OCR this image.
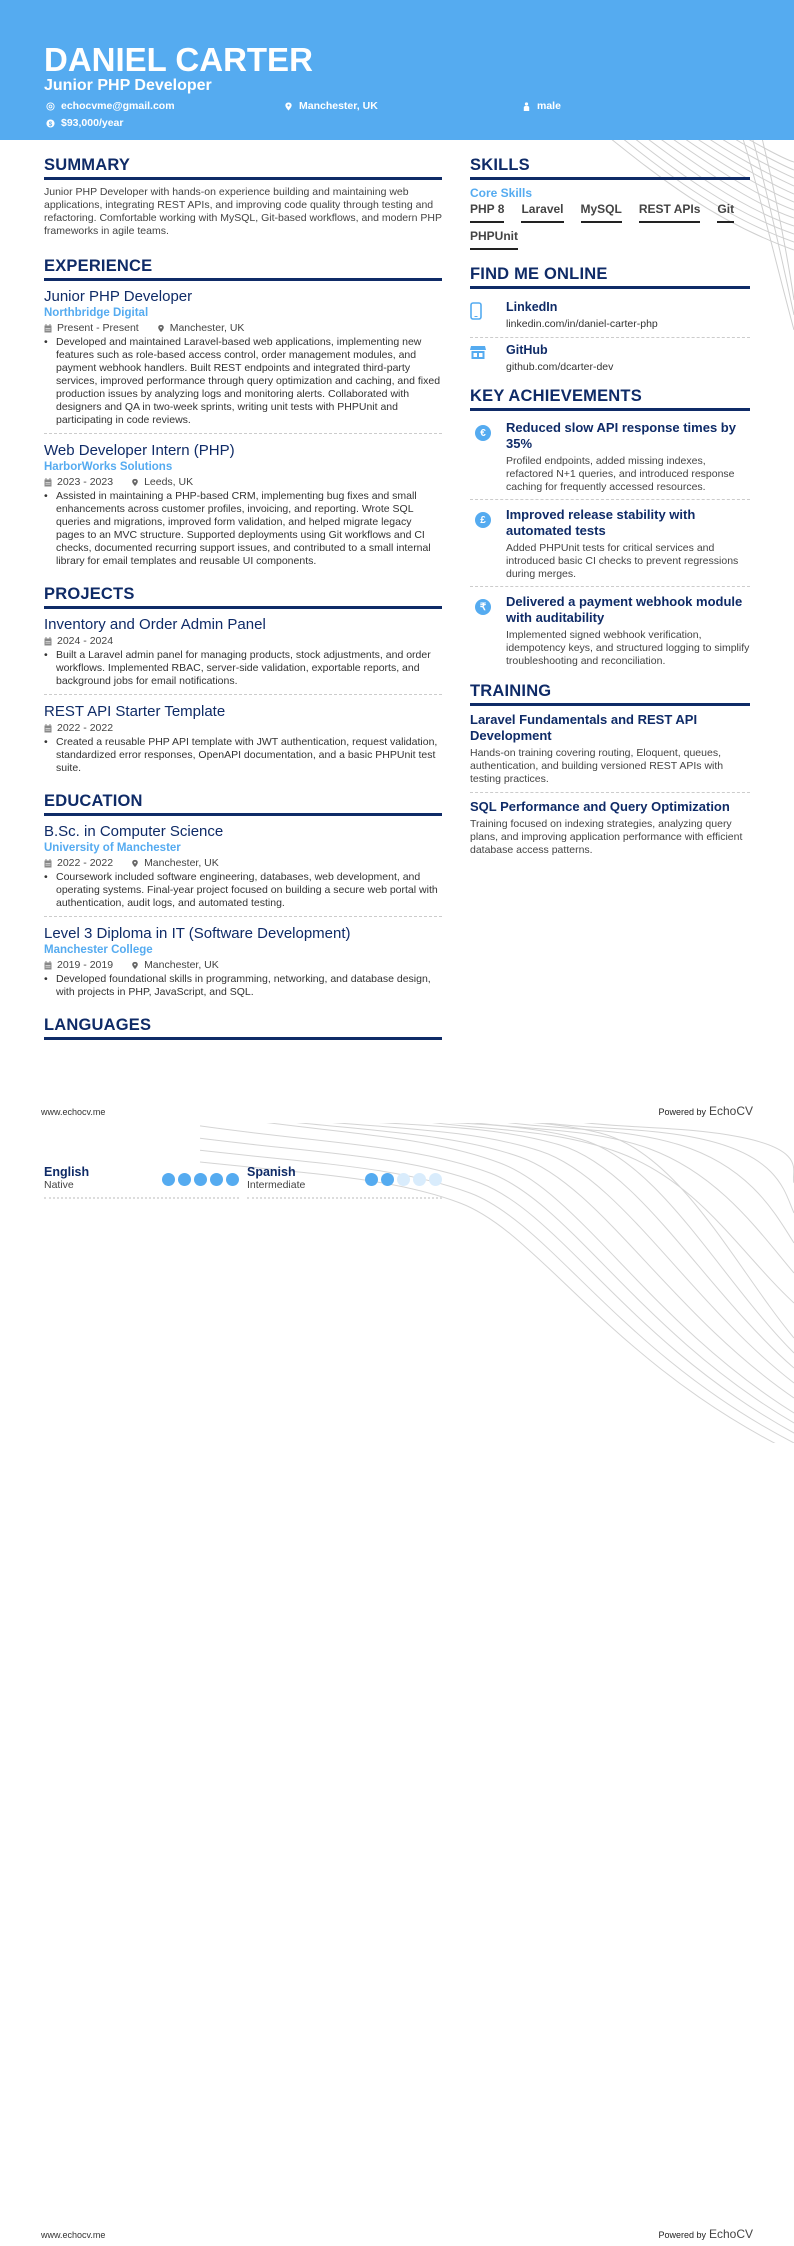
DANIEL CARTER
Junior PHP Developer
echocvme@gmail.com	Manchester, UK	male
$ $93,000/year
SUMMARY

Junior PHP Developer with hands-on experience building and maintaining web applications, integrating REST APIs, and improving code quality through testing and refactoring. Comfortable working with MySQL, Git-based workflows, and modern PHP frameworks in agile teams.

EXPERIENCE
Junior PHP Developer
Northbridge Digital
Present - Present	Manchester, UK
• Developed and maintained Laravel-based web applications, implementing new features such as role-based access control, order management modules, and payment webhook handlers. Built REST endpoints and integrated third-party services, improved performance through query optimization and caching, and fixed production issues by analyzing logs and monitoring alerts. Collaborated with designers and QA in two-week sprints, writing unit tests with PHPUnit and participating in code reviews.
Web Developer Intern (PHP)
HarborWorks Solutions
2023 - 2023	Leeds, UK
• Assisted in maintaining a PHP-based CRM, implementing bug fixes and small enhancements across customer profiles, invoicing, and reporting. Wrote SQL queries and migrations, improved form validation, and helped migrate legacy pages to an MVC structure. Supported deployments using Git workflows and CI checks, documented recurring support issues, and contributed to a small internal library for email templates and reusable UI components.
PROJECTS
Inventory and Order Admin Panel
2024 - 2024
• Built a Laravel admin panel for managing products, stock adjustments, and order workflows. Implemented RBAC, server-side validation, exportable reports, and background jobs for email notifications.
REST API Starter Template
2022 - 2022
• Created a reusable PHP API template with JWT authentication, request validation, standardized error responses, OpenAPI documentation, and a basic PHPUnit test suite.
EDUCATION
B.Sc. in Computer Science
University of Manchester
2022 - 2022	Manchester, UK
• Coursework included software engineering, databases, web development, and operating systems. Final-year project focused on building a secure web portal with authentication, audit logs, and automated testing.
Level 3 Diploma in IT (Software Development)
Manchester College
2019 - 2019	Manchester, UK
• Developed foundational skills in programming, networking, and database design, with projects in PHP, JavaScript, and SQL.
LANGUAGES
SKILLS
Core Skills
PHP 8 Laravel MySQL REST APIs Git
PHPUnit
FIND ME ONLINE
LinkedIn
linkedin.com/in/daniel-carter-php
GitHub
github.com/dcarter-dev
KEY ACHIEVEMENTS
€	Reduced slow API response times by 35%
Profiled endpoints, added missing indexes, refactored N+1 queries, and introduced response caching for frequently accessed resources.
£	Improved release stability with automated tests
Added PHPUnit tests for critical services and introduced basic CI checks to prevent regressions during merges.
₹	Delivered a payment webhook module with auditability
Implemented signed webhook verification, idempotency keys, and structured logging to simplify troubleshooting and reconciliation.
TRAINING
Laravel Fundamentals and REST API Development
Hands-on training covering routing, Eloquent, queues, authentication, and building versioned REST APIs with testing practices.
SQL Performance and Query Optimization
Training focused on indexing strategies, analyzing query plans, and improving application performance with efficient database access patterns.
www.echocv.me	Powered by EchoCV
English
Native
Spanish
Intermediate
www.echocv.me	Powered by EchoCV
